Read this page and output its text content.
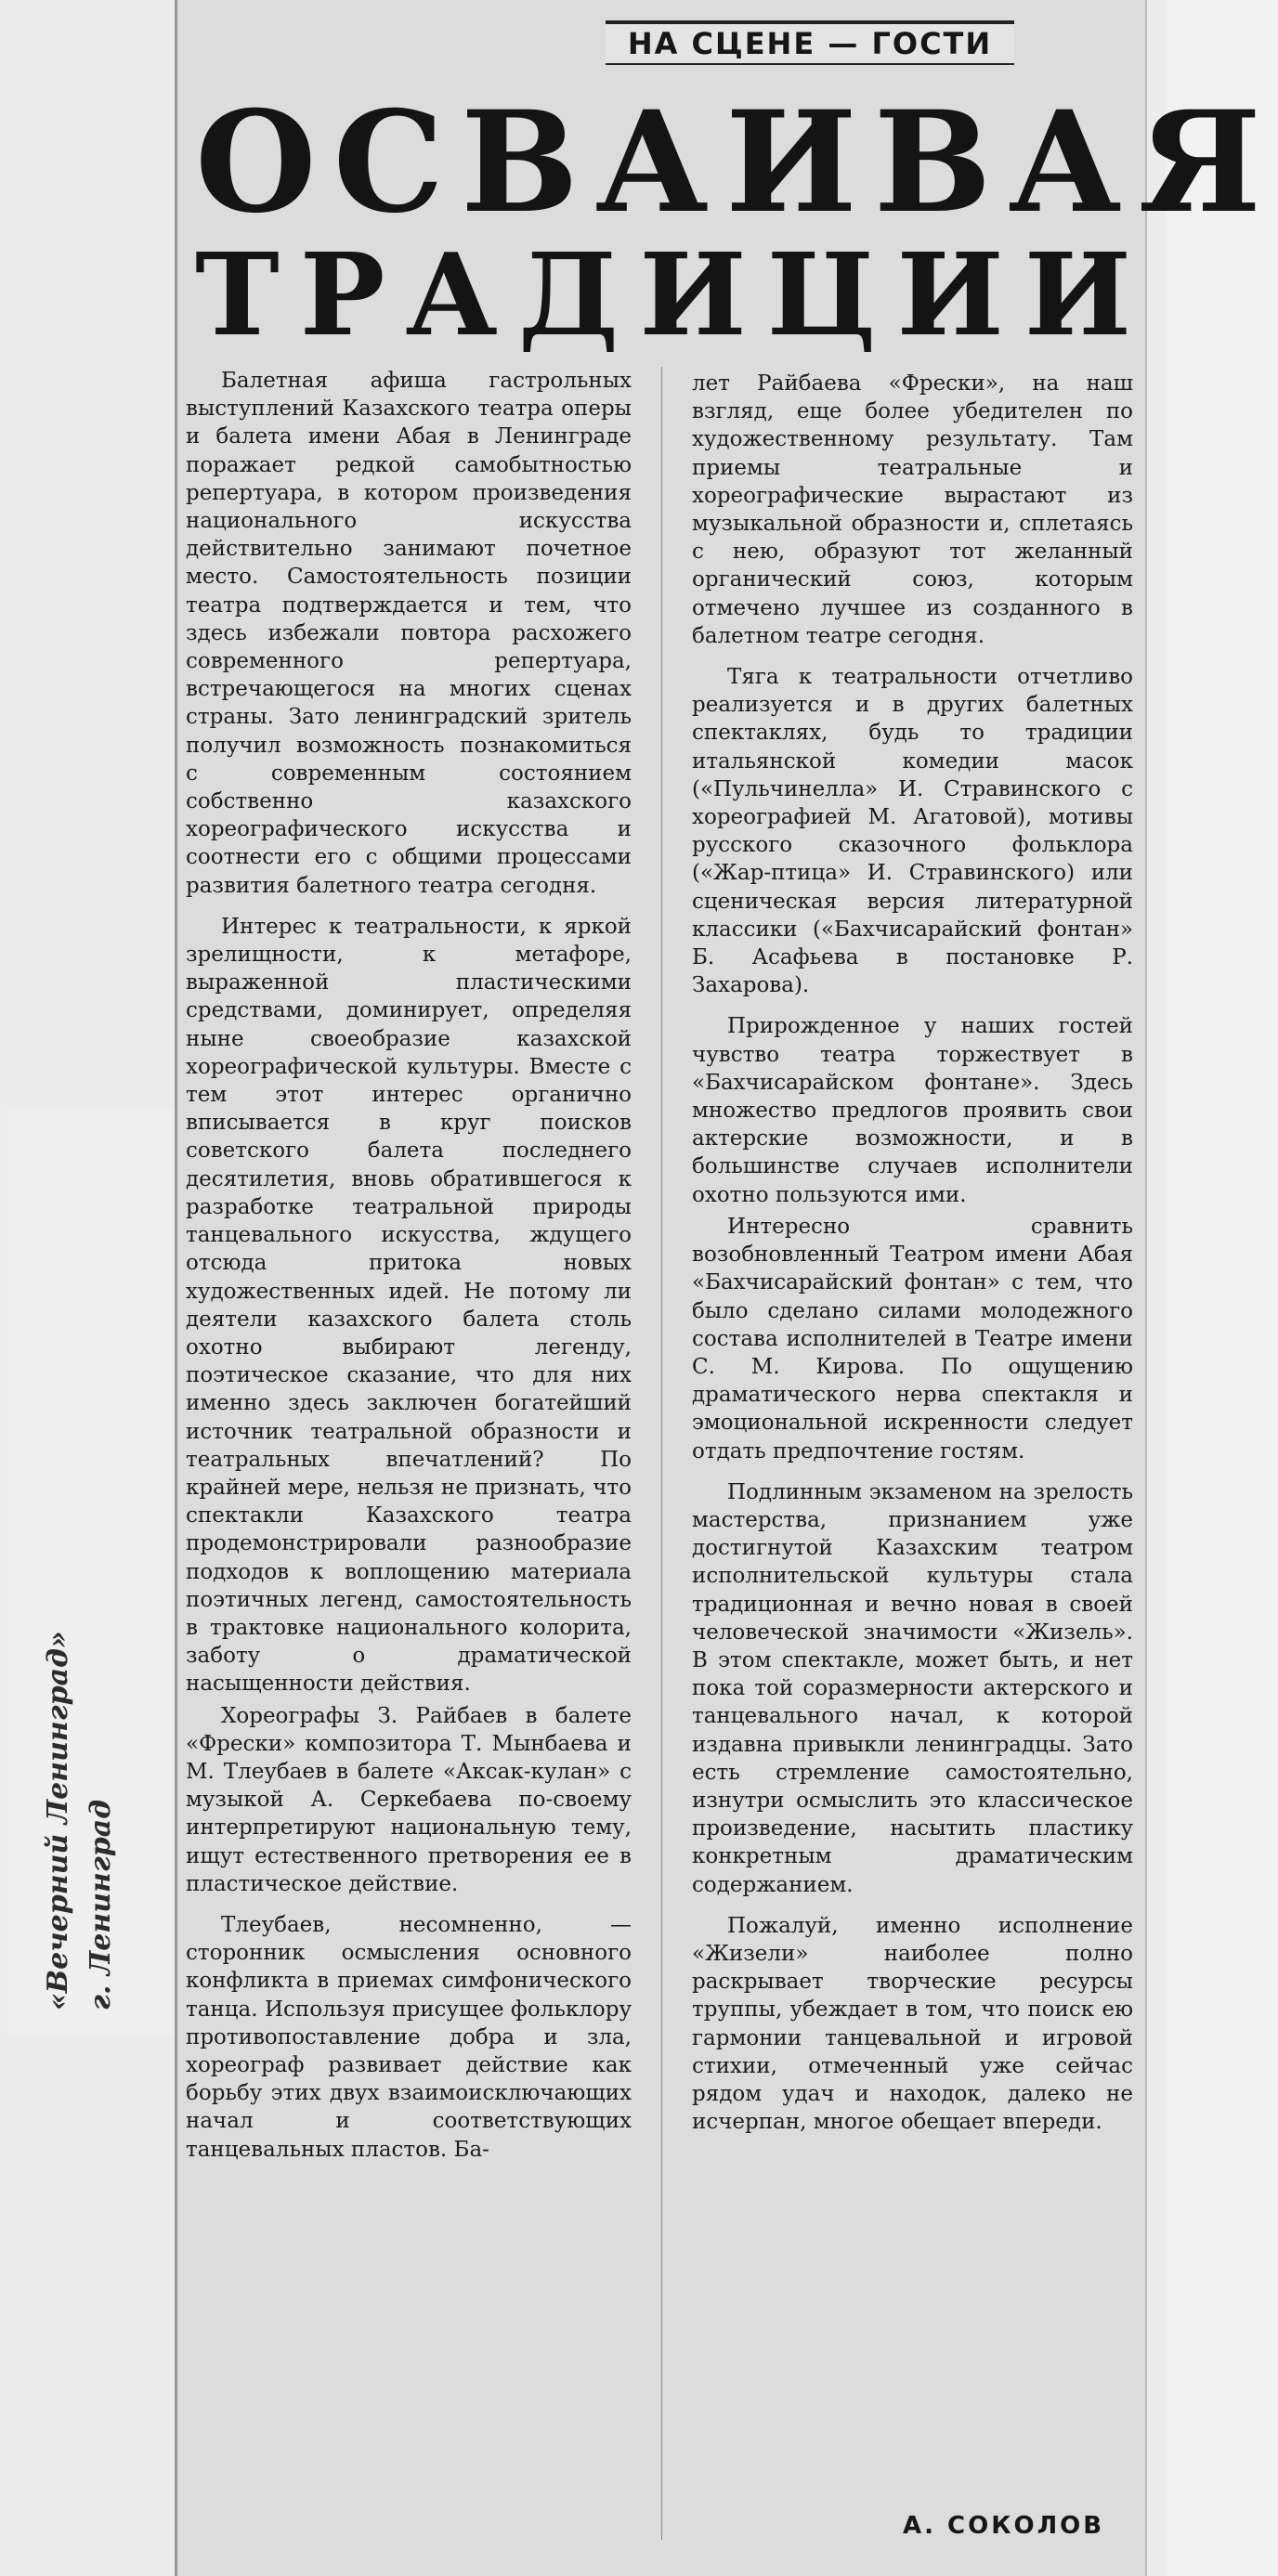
«Вечерний Ленинград» г. Ленинград
НА СЦЕНЕ — ГОСТИ
ОСВАИВАЯ
ТРАДИЦИИ

Балетная афиша гастрольных выступлений Казахского театра оперы и балета имени Абая в Ленинграде поражает редкой самобытностью репертуара, в котором произведения национального искусства действительно занимают почетное место. Самостоятельность позиции театра подтверждается и тем, что здесь избежали повтора расхожего современного репертуара, встречающегося на многих сценах страны. Зато ленинградский зритель получил возможность познакомиться с современным состоянием собственно казахского хореографического искусства и соотнести его с общими процессами развития балетного театра сегодня.

Интерес к театральности, к яркой зрелищности, к метафоре, выраженной пластическими средствами, доминирует, определяя ныне своеобразие казахской хореографической культуры. Вместе с тем этот интерес органично вписывается в круг поисков советского балета последнего десятилетия, вновь обратившегося к разработке театральной природы танцевального искусства, ждущего отсюда притока новых художественных идей. Не потому ли деятели казахского балета столь охотно выбирают легенду, поэтическое сказание, что для них именно здесь заключен богатейший источник театральной образности и театральных впечатлений? По крайней мере, нельзя не признать, что спектакли Казахского театра продемонстрировали разнообразие подходов к воплощению материала поэтичных легенд, самостоятельность в трактовке национального колорита, заботу о драматической насыщенности действия.

Хореографы З. Райбаев в балете «Фрески» композитора Т. Мынбаева и М. Тлеубаев в балете «Аксак-кулан» с музыкой А. Серкебаева по-своему интерпретируют национальную тему, ищут естественного претворения ее в пластическое действие.

Тлеубаев, несомненно, — сторонник осмысления основного конфликта в приемах симфонического танца. Используя присущее фольклору противопоставление добра и зла, хореограф развивает действие как борьбу этих двух взаимоисключающих начал и соответствующих танцевальных пластов. Ба-

лет Райбаева «Фрески», на наш взгляд, еще более убедителен по художественному результату. Там приемы театральные и хореографические вырастают из музыкальной образности и, сплетаясь с нею, образуют тот желанный органический союз, которым отмечено лучшее из созданного в балетном театре сегодня.

Тяга к театральности отчетливо реализуется и в других балетных спектаклях, будь то традиции итальянской комедии масок («Пульчинелла» И. Стравинского с хореографией М. Агатовой), мотивы русского сказочного фольклора («Жар-птица» И. Стравинского) или сценическая версия литературной классики («Бахчисарайский фонтан» Б. Асафьева в постановке Р. Захарова).

Прирожденное у наших гостей чувство театра торжествует в «Бахчисарайском фонтане». Здесь множество предлогов проявить свои актерские возможности, и в большинстве случаев исполнители охотно пользуются ими.

Интересно сравнить возобновленный Театром имени Абая «Бахчисарайский фонтан» с тем, что было сделано силами молодежного состава исполнителей в Театре имени С. М. Кирова. По ощущению драматического нерва спектакля и эмоциональной искренности следует отдать предпочтение гостям.

Подлинным экзаменом на зрелость мастерства, признанием уже достигнутой Казахским театром исполнительской культуры стала традиционная и вечно новая в своей человеческой значимости «Жизель». В этом спектакле, может быть, и нет пока той соразмерности актерского и танцевального начал, к которой издавна привыкли ленинградцы. Зато есть стремление самостоятельно, изнутри осмыслить это классическое произведение, насытить пластику конкретным драматическим содержанием.

Пожалуй, именно исполнение «Жизели» наиболее полно раскрывает творческие ресурсы труппы, убеждает в том, что поиск ею гармонии танцевальной и игровой стихии, отмеченный уже сейчас рядом удач и находок, далеко не исчерпан, многое обещает впереди.

А. СОКОЛОВ
